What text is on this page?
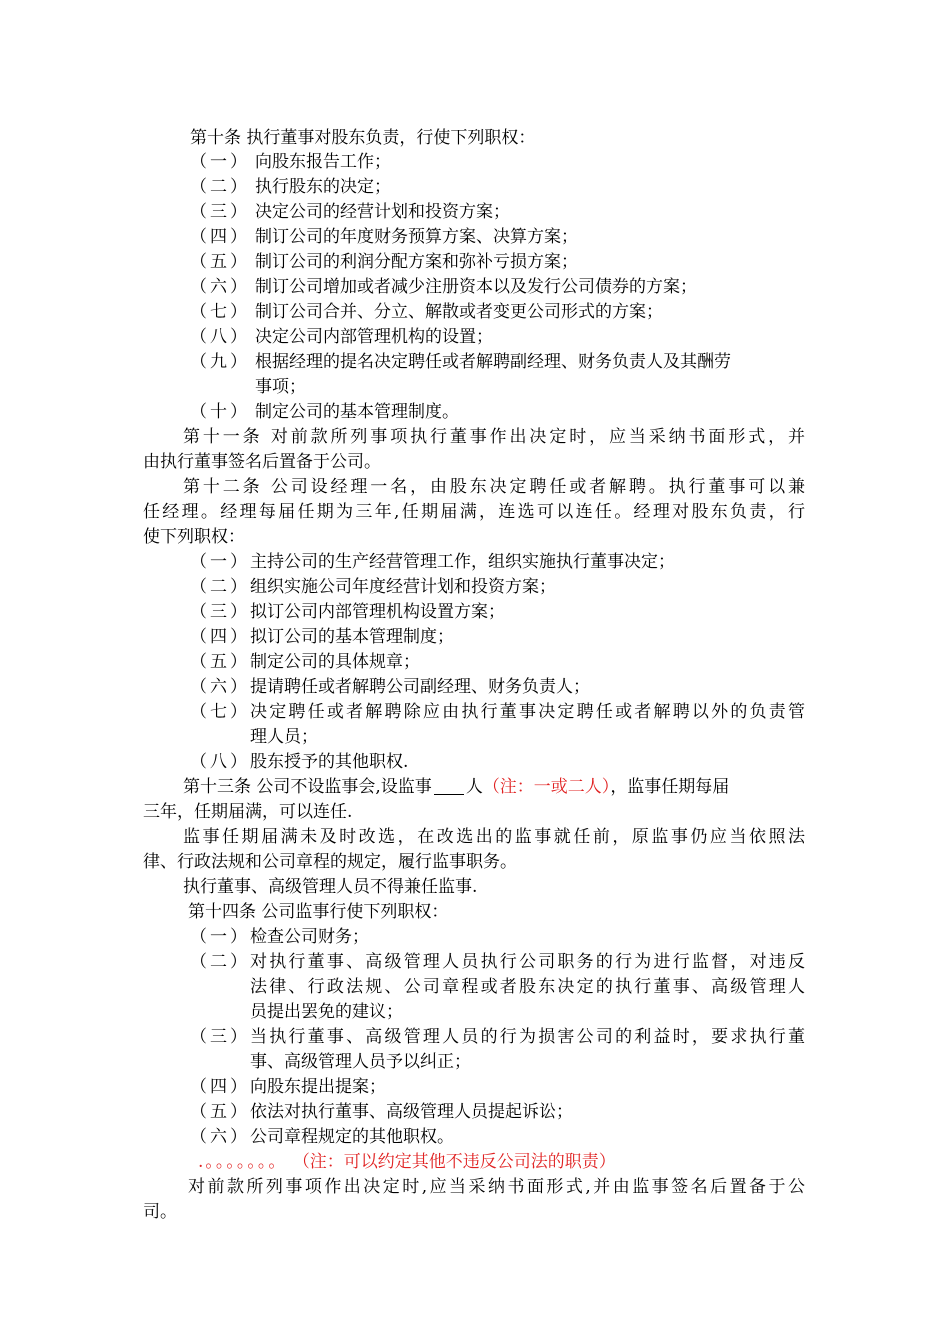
第十条 执行董事对股东负责，行使下列职权：
（一） 向股东报告工作；
（二） 执行股东的决定；
（三） 决定公司的经营计划和投资方案；
（四） 制订公司的年度财务预算方案、决算方案；
（五） 制订公司的利润分配方案和弥补亏损方案；
（六） 制订公司增加或者减少注册资本以及发行公司债券的方案；
（七） 制订公司合并、分立、解散或者变更公司形式的方案；
（八） 决定公司内部管理机构的设置；
（九） 根据经理的提名决定聘任或者解聘副经理、财务负责人及其酬劳
事项；
（十） 制定公司的基本管理制度。
第十一条 对前款所列事项执行董事作出决定时，应当采纳书面形式，并
由执行董事签名后置备于公司。
第十二条 公司设经理一名，由股东决定聘任或者解聘。执行董事可以兼
任经理。经理每届任期为三年,任期届满，连选可以连任。经理对股东负责，行
使下列职权：
（一） 主持公司的生产经营管理工作，组织实施执行董事决定；
（二） 组织实施公司年度经营计划和投资方案；
（三） 拟订公司内部管理机构设置方案；
（四） 拟订公司的基本管理制度；
（五） 制定公司的具体规章；
（六） 提请聘任或者解聘公司副经理、财务负责人；
（七） 决定聘任或者解聘除应由执行董事决定聘任或者解聘以外的负责管
理人员；
（八） 股东授予的其他职权.
第十三条 公司不设监事会,设监事 人（注：一或二人），监事任期每届
三年，任期届满，可以连任.
监事任期届满未及时改选，在改选出的监事就任前，原监事仍应当依照法
律、行政法规和公司章程的规定，履行监事职务。
执行董事、高级管理人员不得兼任监事.
第十四条 公司监事行使下列职权：
（一） 检查公司财务；
（二） 对执行董事、高级管理人员执行公司职务的行为进行监督，对违反
法律、行政法规、公司章程或者股东决定的执行董事、高级管理人
员提出罢免的建议；
（三） 当执行董事、高级管理人员的行为损害公司的利益时，要求执行董
事、高级管理人员予以纠正；
（四） 向股东提出提案；
（五） 依法对执行董事、高级管理人员提起诉讼；
（六） 公司章程规定的其他职权。
.。。。。。。。 （注：可以约定其他不违反公司法的职责）
对前款所列事项作出决定时,应当采纳书面形式,并由监事签名后置备于公
司。
